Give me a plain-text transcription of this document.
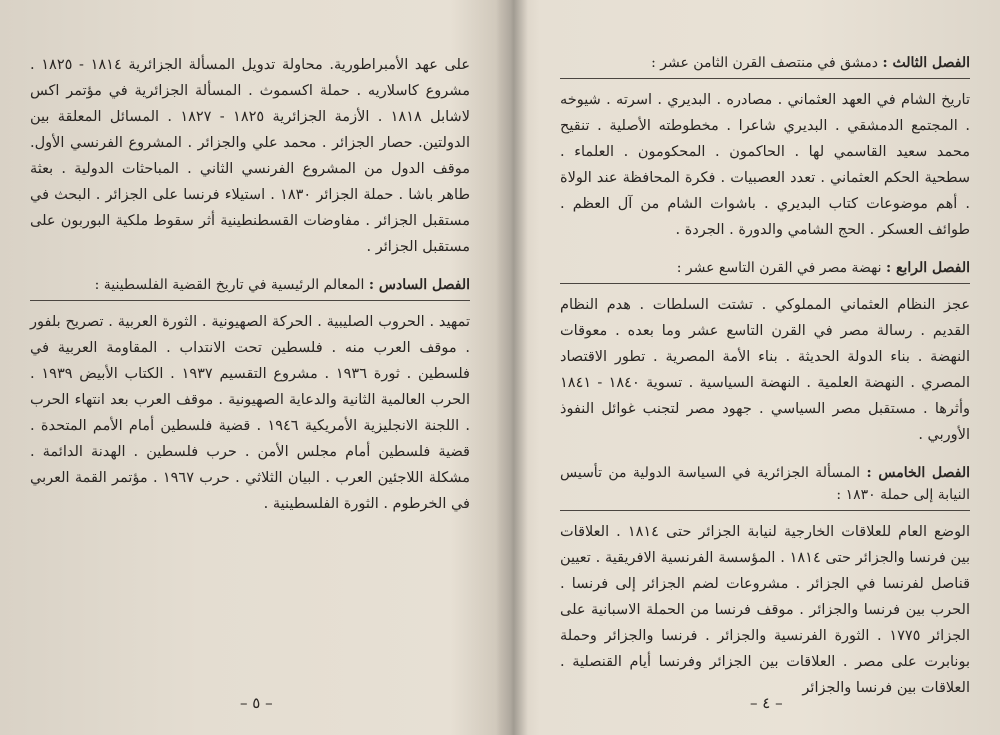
على عهد الأمبراطورية. محاولة تدويل المسألة الجزائرية ١٨١٤ - ١٨٢٥ . مشروع كاسلاريه . حملة اكسموث . المسألة الجزائرية في مؤتمر اكس لاشابل ١٨١٨ . الأزمة الجزائرية ١٨٢٥ - ١٨٢٧ . المسائل المعلقة بين الدولتين. حصار الجزائر . محمد علي والجزائر . المشروع الفرنسي الأول. موقف الدول من المشروع الفرنسي الثاني . المباحثات الدولية . بعثة طاهر باشا . حملة الجزائر ١٨٣٠ . استيلاء فرنسا على الجزائر . البحث في مستقبل الجزائر . مفاوضات القسطنطينية أثر سقوط ملكية البوربون على مستقبل الجزائر .

الفصل السادس : المعالم الرئيسية في تاريخ القضية الفلسطينية :

تمهيد . الحروب الصليبية . الحركة الصهيونية . الثورة العربية . تصريح بلفور . موقف العرب منه . فلسطين تحت الانتداب . المقاومة العربية في فلسطين . ثورة ١٩٣٦ . مشروع التقسيم ١٩٣٧ . الكتاب الأبيض ١٩٣٩ . الحرب العالمية الثانية والدعاية الصهيونية . موقف العرب بعد انتهاء الحرب . اللجنة الانجليزية الأمريكية ١٩٤٦ . قضية فلسطين أمام الأمم المتحدة . قضية فلسطين أمام مجلس الأمن . حرب فلسطين . الهدنة الدائمة . مشكلة اللاجئين العرب . البيان الثلاثي . حرب ١٩٦٧ . مؤتمر القمة العربي في الخرطوم . الثورة الفلسطينية .

– ٥ –
الفصل الثالث : دمشق في منتصف القرن الثامن عشر :

تاريخ الشام في العهد العثماني . مصادره . البديري . اسرته . شيوخه . المجتمع الدمشقي . البديري شاعرا . مخطوطته الأصلية . تنقيح محمد سعيد القاسمي لها . الحاكمون . المحكومون . العلماء . سطحية الحكم العثماني . تعدد العصبيات . فكرة المحافظة عند الولاة . أهم موضوعات كتاب البديري . باشوات الشام من آل العظم . طوائف العسكر . الحج الشامي والدورة . الجردة .

الفصل الرابع : نهضة مصر في القرن التاسع عشر :

عجز النظام العثماني المملوكي . تشتت السلطات . هدم النظام القديم . رسالة مصر في القرن التاسع عشر وما بعده . معوقات النهضة . بناء الدولة الحديثة . بناء الأمة المصرية . تطور الاقتصاد المصري . النهضة العلمية . النهضة السياسية . تسوية ١٨٤٠ - ١٨٤١ وأثرها . مستقبل مصر السياسي . جهود مصر لتجنب غوائل النفوذ الأوربي .

الفصل الخامس : المسألة الجزائرية في السياسة الدولية من تأسيس النيابة إلى حملة ١٨٣٠ :

الوضع العام للعلاقات الخارجية لنيابة الجزائر حتى ١٨١٤ . العلاقات بين فرنسا والجزائر حتى ١٨١٤ . المؤسسة الفرنسية الافريقية . تعيين قناصل لفرنسا في الجزائر . مشروعات لضم الجزائر إلى فرنسا . الحرب بين فرنسا والجزائر . موقف فرنسا من الحملة الاسبانية على الجزائر ١٧٧٥ . الثورة الفرنسية والجزائر . فرنسا والجزائر وحملة بونابرت على مصر . العلاقات بين الجزائر وفرنسا أيام القنصلية . العلاقات بين فرنسا والجزائر

– ٤ –
